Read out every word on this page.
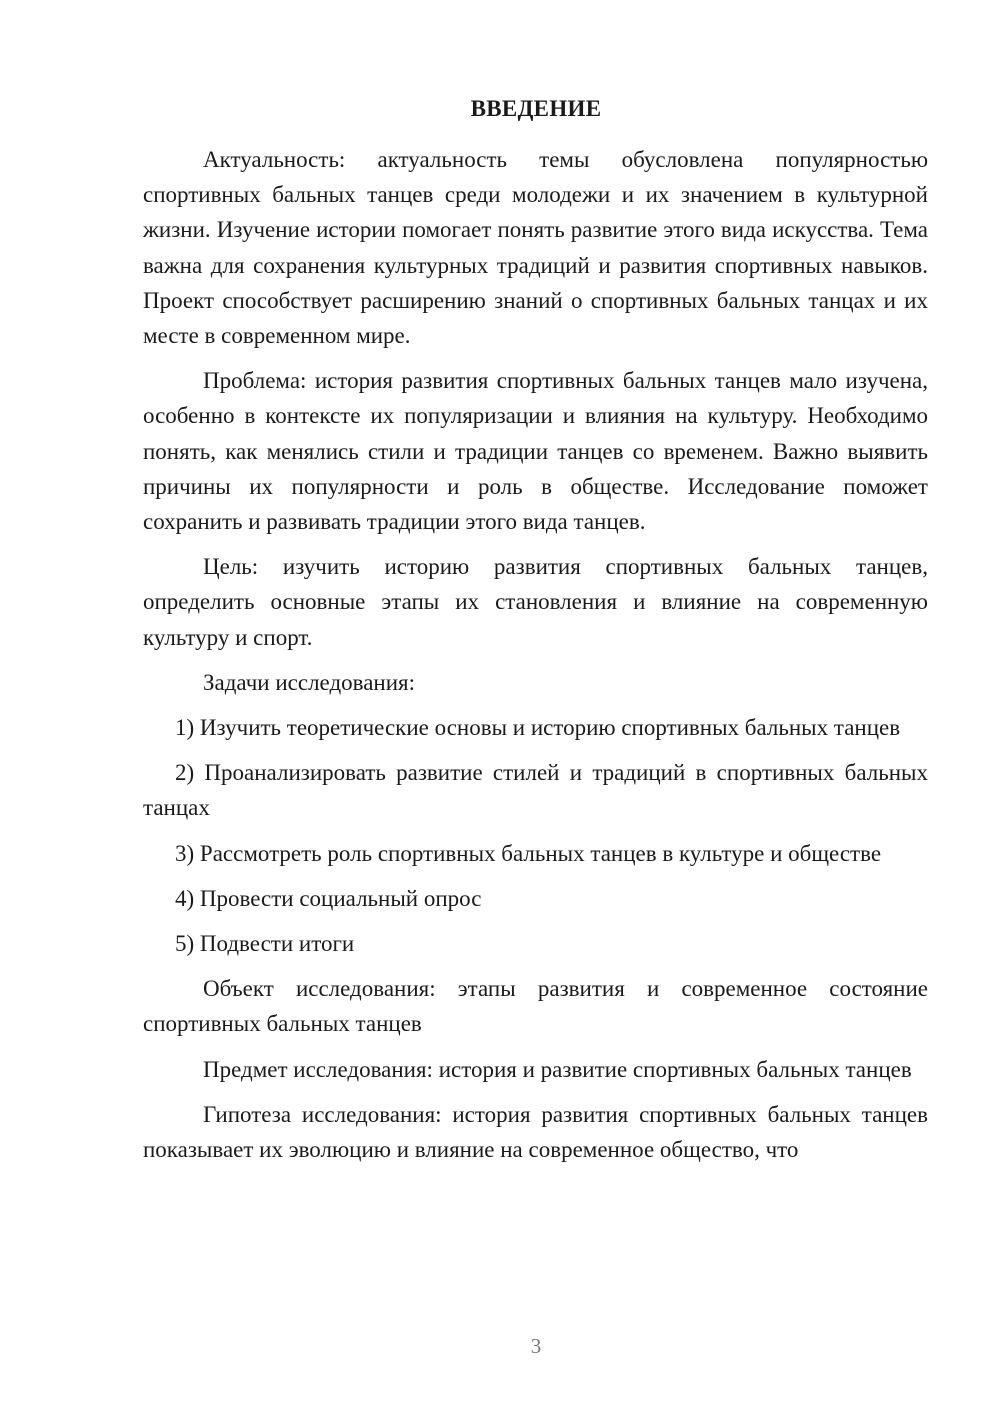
ВВЕДЕНИЕ

Актуальность: актуальность темы обусловлена популярностью спортивных бальных танцев среди молодежи и их значением в культурной жизни. Изучение истории помогает понять развитие этого вида искусства. Тема важна для сохранения культурных традиций и развития спортивных навыков. Проект способствует расширению знаний о спортивных бальных танцах и их месте в современном мире.

Проблема: история развития спортивных бальных танцев мало изучена, особенно в контексте их популяризации и влияния на культуру. Необходимо понять, как менялись стили и традиции танцев со временем. Важно выявить причины их популярности и роль в обществе. Исследование поможет сохранить и развивать традиции этого вида танцев.

Цель: изучить историю развития спортивных бальных танцев, определить основные этапы их становления и влияние на современную культуру и спорт.

Задачи исследования:

1) Изучить теоретические основы и историю спортивных бальных танцев

2) Проанализировать развитие стилей и традиций в спортивных бальных танцах

3) Рассмотреть роль спортивных бальных танцев в культуре и обществе

4) Провести социальный опрос

5) Подвести итоги

Объект исследования: этапы развития и современное состояние спортивных бальных танцев

Предмет исследования: история и развитие спортивных бальных танцев

Гипотеза исследования: история развития спортивных бальных танцев показывает их эволюцию и влияние на современное общество, что

3
